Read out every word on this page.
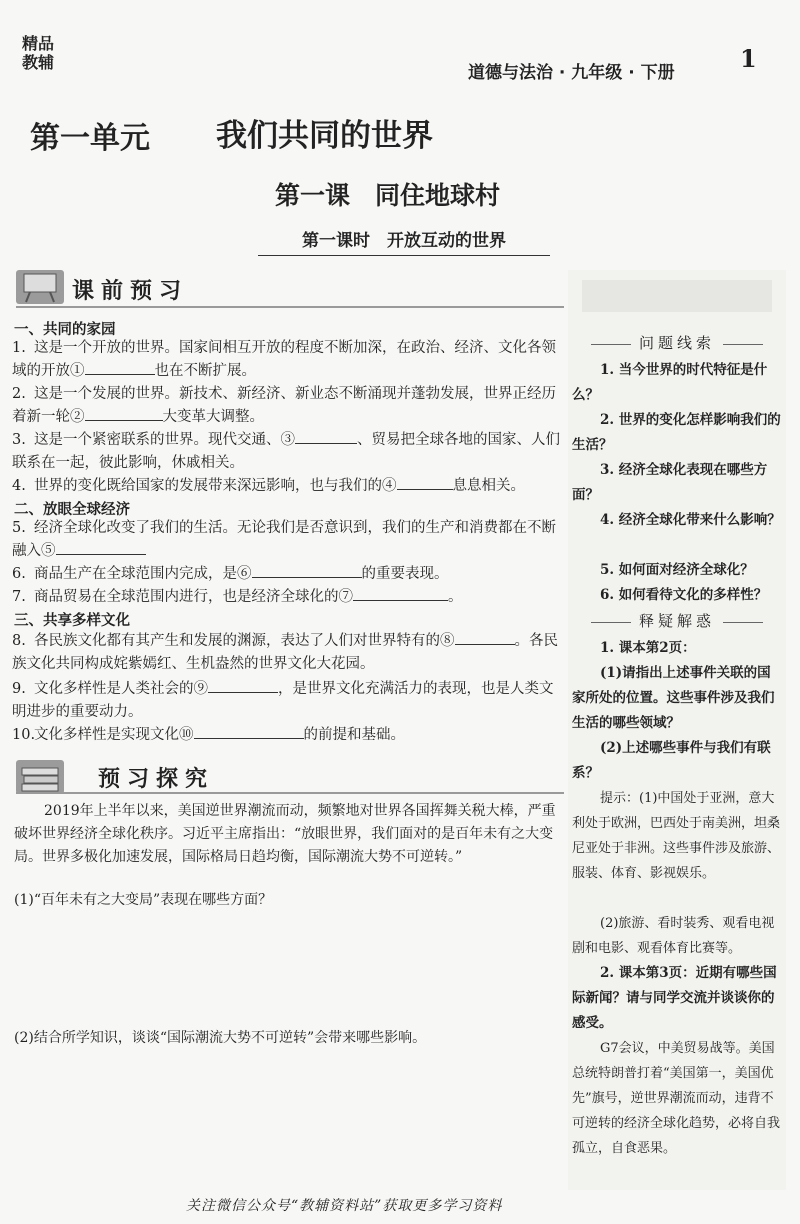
精品教辅
道德与法治 · 九年级 · 下册	1
第一单元 我们共同的世界
第一课　同住地球村
第一课时　开放互动的世界
课前预习
一、共同的家园
1. 这是一个开放的世界。国家间相互开放的程度不断加深，在政治、经济、文化各领域的开放①	也在不断扩展。
2. 这是一个发展的世界。新技术、新经济、新业态不断涌现并蓬勃发展，世界正经历着新一轮②	大变革大调整。
3. 这是一个紧密联系的世界。现代交通、③	、贸易把全球各地的国家、人们联系在一起，彼此影响，休戚相关。
4. 世界的变化既给国家的发展带来深远影响，也与我们的④	息息相关。
二、放眼全球经济
5. 经济全球化改变了我们的生活。无论我们是否意识到，我们的生产和消费都在不断融入⑤
6. 商品生产在全球范围内完成，是⑥	的重要表现。
7. 商品贸易在全球范围内进行，也是经济全球化的⑦	。
三、共享多样文化
8. 各民族文化都有其产生和发展的渊源，表达了人们对世界特有的⑧	。各民族文化共同构成姹紫嫣红、生机盎然的世界文化大花园。
9. 文化多样性是人类社会的⑨	，是世界文化充满活力的表现，也是人类文明进步的重要动力。
10.文化多样性是实现文化⑩	的前提和基础。
预习探究
2019年上半年以来，美国逆世界潮流而动，频繁地对世界各国挥舞关税大棒，严重破坏世界经济全球化秩序。习近平主席指出：“放眼世界，我们面对的是百年未有之大变局。世界多极化加速发展，国际格局日趋均衡，国际潮流大势不可逆转。”
(1)“百年未有之大变局”表现在哪些方面？
(2)结合所学知识，谈谈“国际潮流大势不可逆转”会带来哪些影响。
问题线索
1. 当今世界的时代特征是什么？
2. 世界的变化怎样影响我们的生活？
3. 经济全球化表现在哪些方面？
4. 经济全球化带来什么影响？
5. 如何面对经济全球化？
6. 如何看待文化的多样性？
释疑解惑
1. 课本第2页：
(1)请指出上述事件关联的国家所处的位置。这些事件涉及我们生活的哪些领域？
(2)上述哪些事件与我们有联系？
提示：(1)中国处于亚洲，意大利处于欧洲，巴西处于南美洲，坦桑尼亚处于非洲。这些事件涉及旅游、服装、体育、影视娱乐。
(2)旅游、看时装秀、观看电视剧和电影、观看体育比赛等。
2. 课本第3页：近期有哪些国际新闻？请与同学交流并谈谈你的感受。
G7会议，中美贸易战等。美国总统特朗普打着“美国第一，美国优先”旗号，逆世界潮流而动，违背不可逆转的经济全球化趋势，必将自我孤立，自食恶果。
关注微信公众号“教辅资料站”获取更多学习资料
